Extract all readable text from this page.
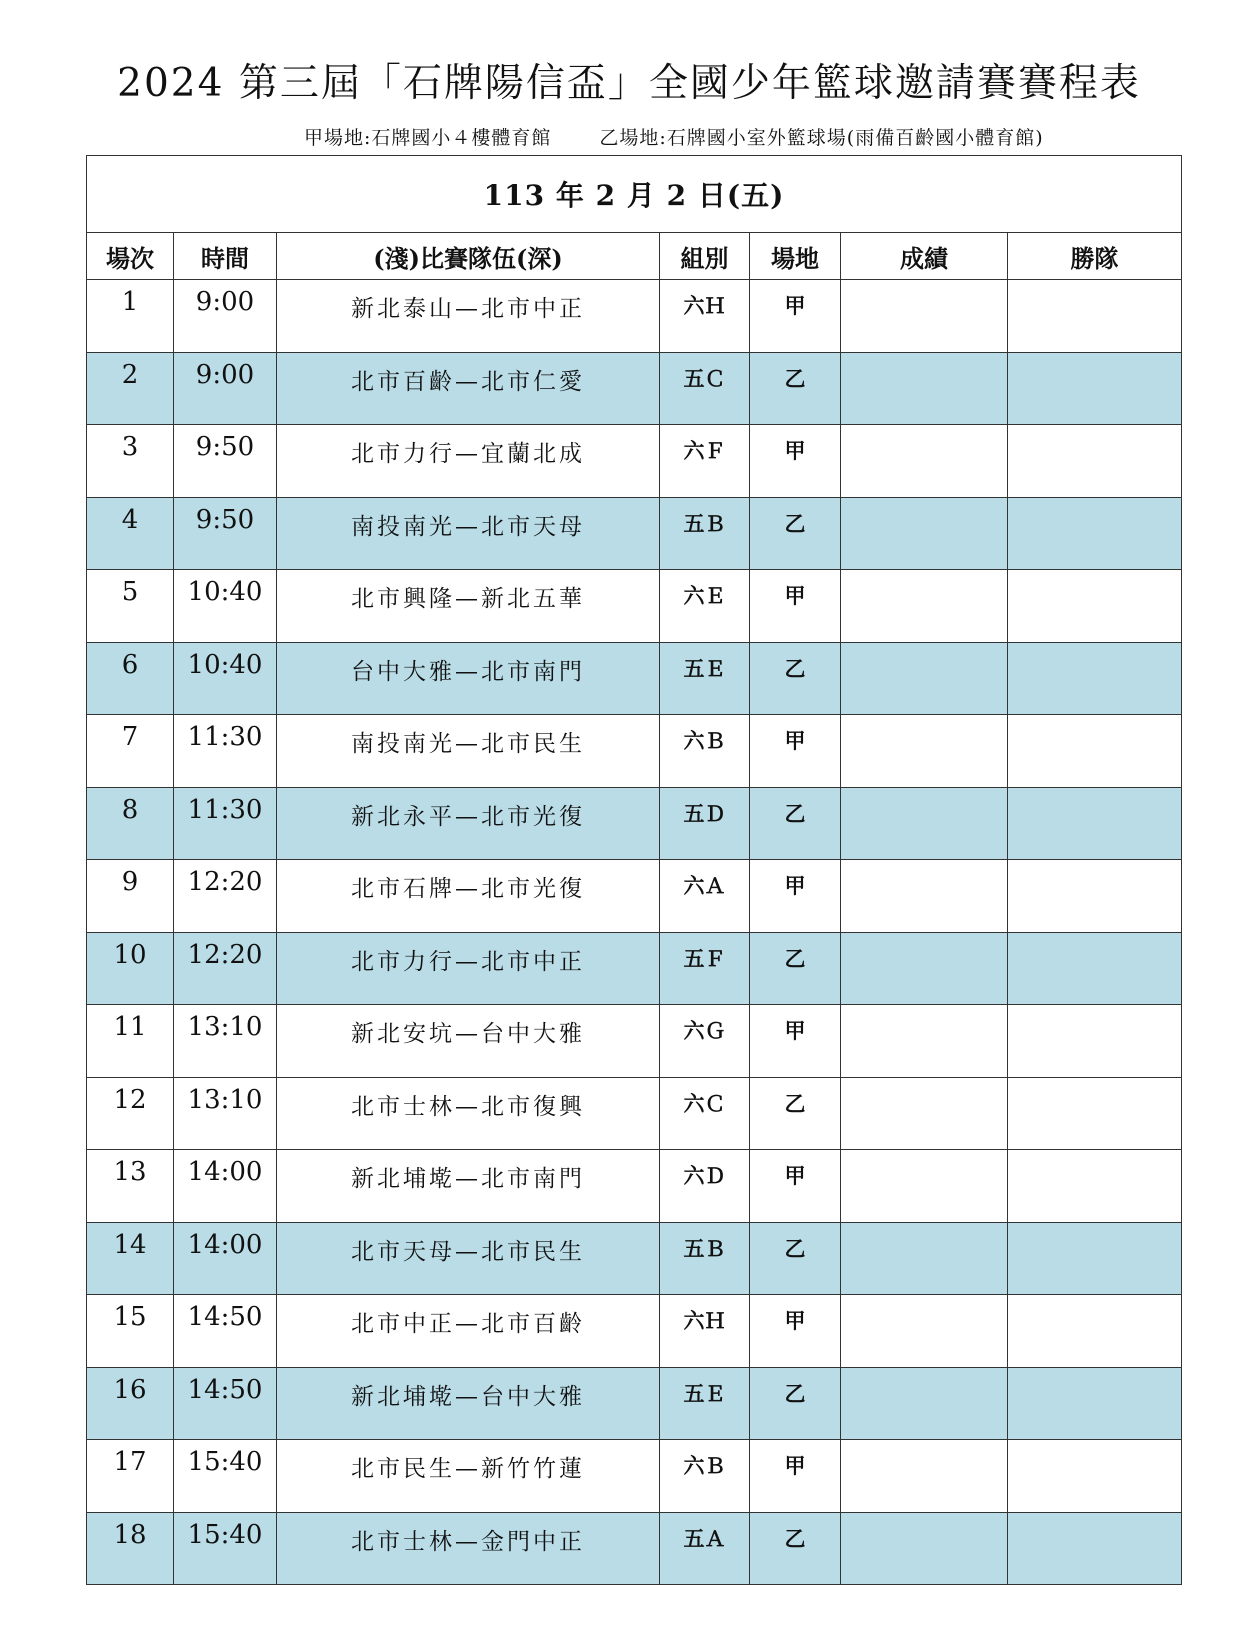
2024 第三屆「石牌陽信盃」全國少年籃球邀請賽賽程表
甲場地:石牌國小４樓體育館	乙場地:石牌國小室外籃球場(雨備百齡國小體育館)
113 年 2 月 2 日(五)						
場次	時間	(淺)比賽隊伍(深)	組別	場地	成績	勝隊

1	9:00	新北泰山—北市中正	六Ｈ	甲		

2	9:00	北市百齡—北市仁愛	五Ｃ	乙		

3	9:50	北市力行—宜蘭北成	六Ｆ	甲		

4	9:50	南投南光—北市天母	五Ｂ	乙		

5	10:40	北市興隆—新北五華	六Ｅ	甲		

6	10:40	台中大雅—北市南門	五Ｅ	乙		

7	11:30	南投南光—北市民生	六Ｂ	甲		

8	11:30	新北永平—北市光復	五Ｄ	乙		

9	12:20	北市石牌—北市光復	六Ａ	甲		

10	12:20	北市力行—北市中正	五Ｆ	乙		

11	13:10	新北安坑—台中大雅	六Ｇ	甲		

12	13:10	北市士林—北市復興	六Ｃ	乙		

13	14:00	新北埔墘—北市南門	六Ｄ	甲		

14	14:00	北市天母—北市民生	五Ｂ	乙		

15	14:50	北市中正—北市百齡	六Ｈ	甲		

16	14:50	新北埔墘—台中大雅	五Ｅ	乙		

17	15:40	北市民生—新竹竹蓮	六Ｂ	甲		

18	15:40	北市士林—金門中正	五Ａ	乙		
